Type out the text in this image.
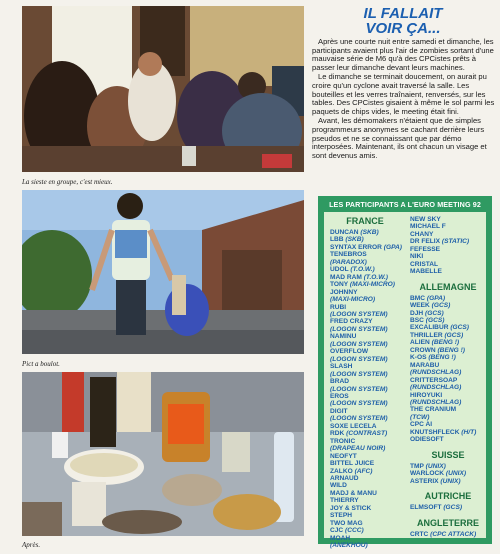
La sieste en groupe, c'est mieux.
Pict a boulot.
Après.
IL FALLAIT
VOIR ÇA...

Après une courte nuit entre samedi et dimanche, les participants avaient plus l'air de zombies sortant d'une mauvaise série de M6 qu'à des CPCistes prêts à passer leur dimanche devant leurs machines.

Le dimanche se terminait doucement, on aurait pu croire qu'un cyclone avait traversé la salle. Les bouteilles et les verres traînaient, renversés, sur les tables. Des CPCistes gisaient à même le sol parmi les paquets de chips vides, le meeting était fini.

Avant, les démomakers n'étaient que de simples programmeurs anonymes se cachant derrière leurs pseudos et ne se connaissant que par démo interposées. Maintenant, ils ont chacun un visage et sont devenus amis.

LES PARTICIPANTS A L'EURO MEETING 92
FRANCE
DUNCAN (SKB)
LBB (SKB)
SYNTAX ERROR (GPA)
TENEBROS
(PARADOX)
UDOL (T.O.W.)
MAD RAM (T.O.W.)
TONY (MAXI-MICRO)
JOHNNY
(MAXI-MICRO)
RUBI
(LOGON SYSTEM)
FRED CRAZY
(LOGON SYSTEM)
NAMINU
(LOGON SYSTEM)
OVERFLOW
(LOGON SYSTEM)
SLASH
(LOGON SYSTEM)
BRAD
(LOGON SYSTEM)
EROS
(LOGON SYSTEM)
DIGIT
(LOGON SYSTEM)
SOXE LECELA
RDK (CONTRAST)
TRONIC
(DRAPEAU NOIR)
NEOFYT
BITTEL JUICE
ZALKO (AFC)
ARNAUD
WILD
MADJ & MANU
THIERRY
JOY & STICK
STEPH
TWO MAG
CJC (CCC)
MOAH
(ANEKHOU)
NEW SKY
MICHAEL F
CHANY
DR FELIX (STATIC)
FEFESSE
NIKI
CRISTAL
MABELLE
ALLEMAGNE
BMC (GPA)
WEEK (GCS)
DJH (GCS)
BSC (GCS)
EXCALIBUR (GCS)
THRILLER (GCS)
ALIEN (BENG !)
CROWN (BENG !)
K-OS (BENG !)
MARABU
(RUNDSCHLAG)
CRITTERSOAP
(RUNDSCHLAG)
HIROYUKI
(RUNDSCHLAG)
THE CRANIUM
(TCW)
CPC AI
KNUTSHFLECK (H/T)
ODIESOFT
SUISSE
TMP (UNIX)
WARLOCK (UNIX)
ASTERIX (UNIX)
AUTRICHE
ELMSOFT (GCS)
ANGLETERRE
CRTC (CPC ATTACK)
